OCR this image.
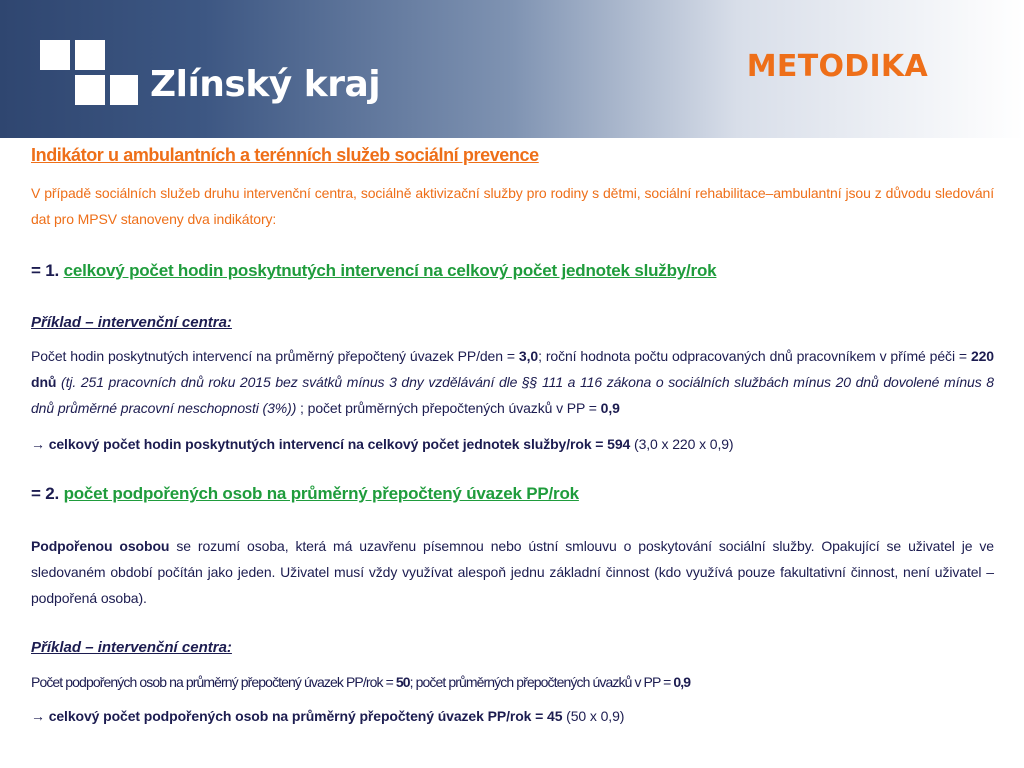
Zlínský kraj	METODIKA
Indikátor u ambulantních a terénních služeb sociální prevence

V případě sociálních služeb druhu intervenční centra, sociálně aktivizační služby pro rodiny s dětmi, sociální rehabilitace–ambulantní jsou z důvodu sledování dat pro MPSV stanoveny dva indikátory:

= 1. celkový počet hodin poskytnutých intervencí na celkový počet jednotek služby/rok
Příklad – intervenční centra:

Počet hodin poskytnutých intervencí na průměrný přepočtený úvazek PP/den = 3,0; roční hodnota počtu odpracovaných dnů pracovníkem v přímé péči = 220 dnů (tj. 251 pracovních dnů roku 2015 bez svátků mínus 3 dny vzdělávání dle §§ 111 a 116 zákona o sociálních službách mínus 20 dnů dovolené mínus 8 dnů průměrné pracovní neschopnosti (3%)) ; počet průměrných přepočtených úvazků v PP = 0,9

→ celkový počet hodin poskytnutých intervencí na celkový počet jednotek služby/rok = 594 (3,0 x 220 x 0,9)

= 2. počet podpořených osob na průměrný přepočtený úvazek PP/rok

Podpořenou osobou se rozumí osoba, která má uzavřenu písemnou nebo ústní smlouvu o poskytování sociální služby. Opakující se uživatel je ve sledovaném období počítán jako jeden. Uživatel musí vždy využívat alespoň jednu základní činnost (kdo využívá pouze fakultativní činnost, není uživatel – podpořená osoba).

Příklad – intervenční centra:

Počet podpořených osob na průměrný přepočtený úvazek PP/rok = 50; počet průměrných přepočtených úvazků v PP = 0,9

→ celkový počet podpořených osob na průměrný přepočtený úvazek PP/rok = 45 (50 x 0,9)
